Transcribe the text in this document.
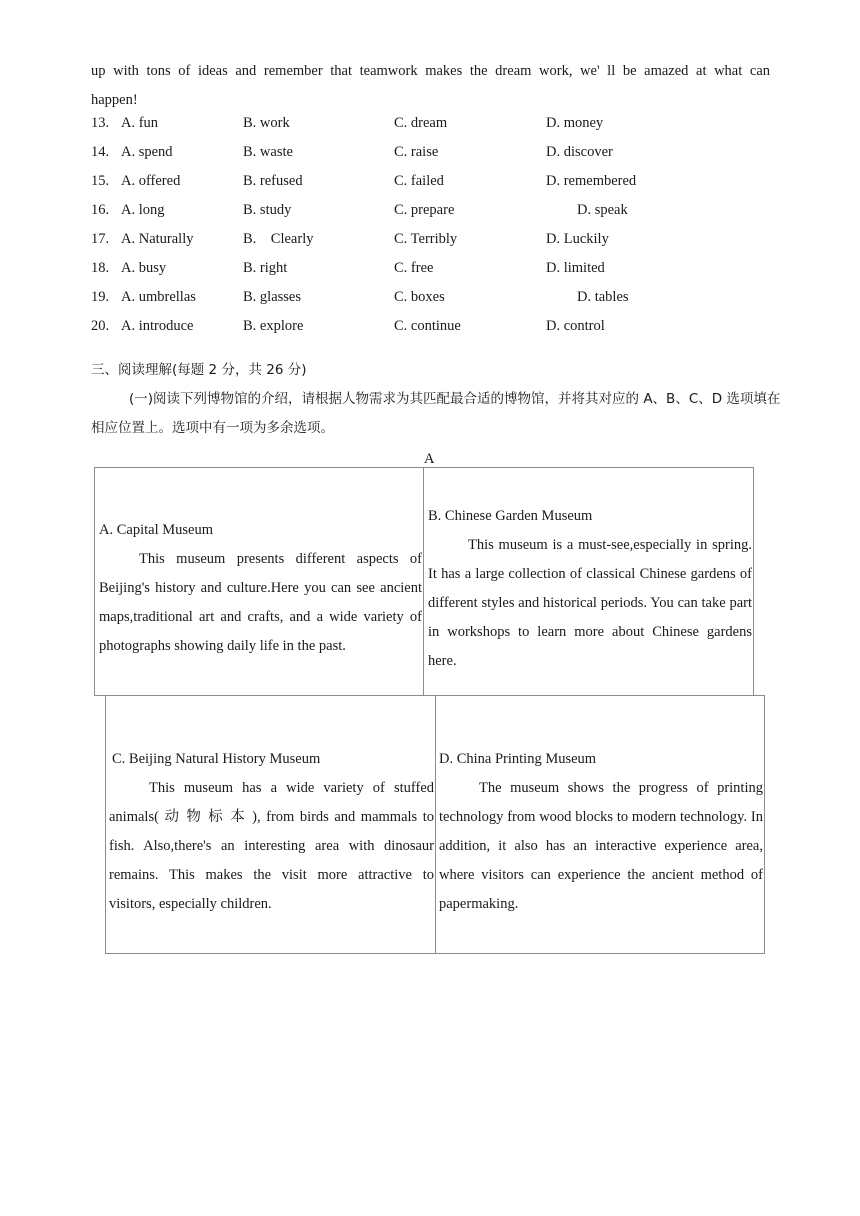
up with tons of ideas and remember that teamwork makes the dream work, we' ll be amazed at what can
happen!
13. A. fun	B. work	C. dream	D. money
14. A. spend	B. waste	C. raise	D. discover
15. A. offered	B. refused	C. failed	D. remembered
16. A. long	B. study	C. prepare	D. speak
17. A. Naturally	B.    Clearly	C. Terribly	D. Luckily
18. A. busy	B. right	C. free	D. limited
19. A. umbrellas	B. glasses	C. boxes	D. tables
20. A. introduce	B. explore	C. continue	D. control
三、阅读理解(每题 2 分，共 26 分)
(一)阅读下列博物馆的介绍，请根据人物需求为其匹配最合适的博物馆，并将其对应的 A、B、C、D 选项填在相应位置上。选项中有一项为多余选项。
A
A. Capital Museum
This museum presents different aspects of Beijing's history and culture.Here you can see ancient maps,traditional art and crafts, and a wide variety of photographs showing daily life in the past.
B. Chinese Garden Museum
This museum is a must-see,especially in spring. It has a large collection of classical Chinese gardens of different styles and historical periods. You can take part in workshops to learn more about Chinese gardens here.
C. Beijing Natural History Museum
This museum has a wide variety of stuffed animals( 动 物 标 本 ), from birds and mammals to fish. Also,there's an interesting area with dinosaur remains. This makes the visit more attractive to visitors, especially children.
D. China Printing Museum
The museum shows the progress of printing technology from wood blocks to modern technology. In addition, it also has an interactive experience area, where visitors can experience the ancient method of papermaking.
